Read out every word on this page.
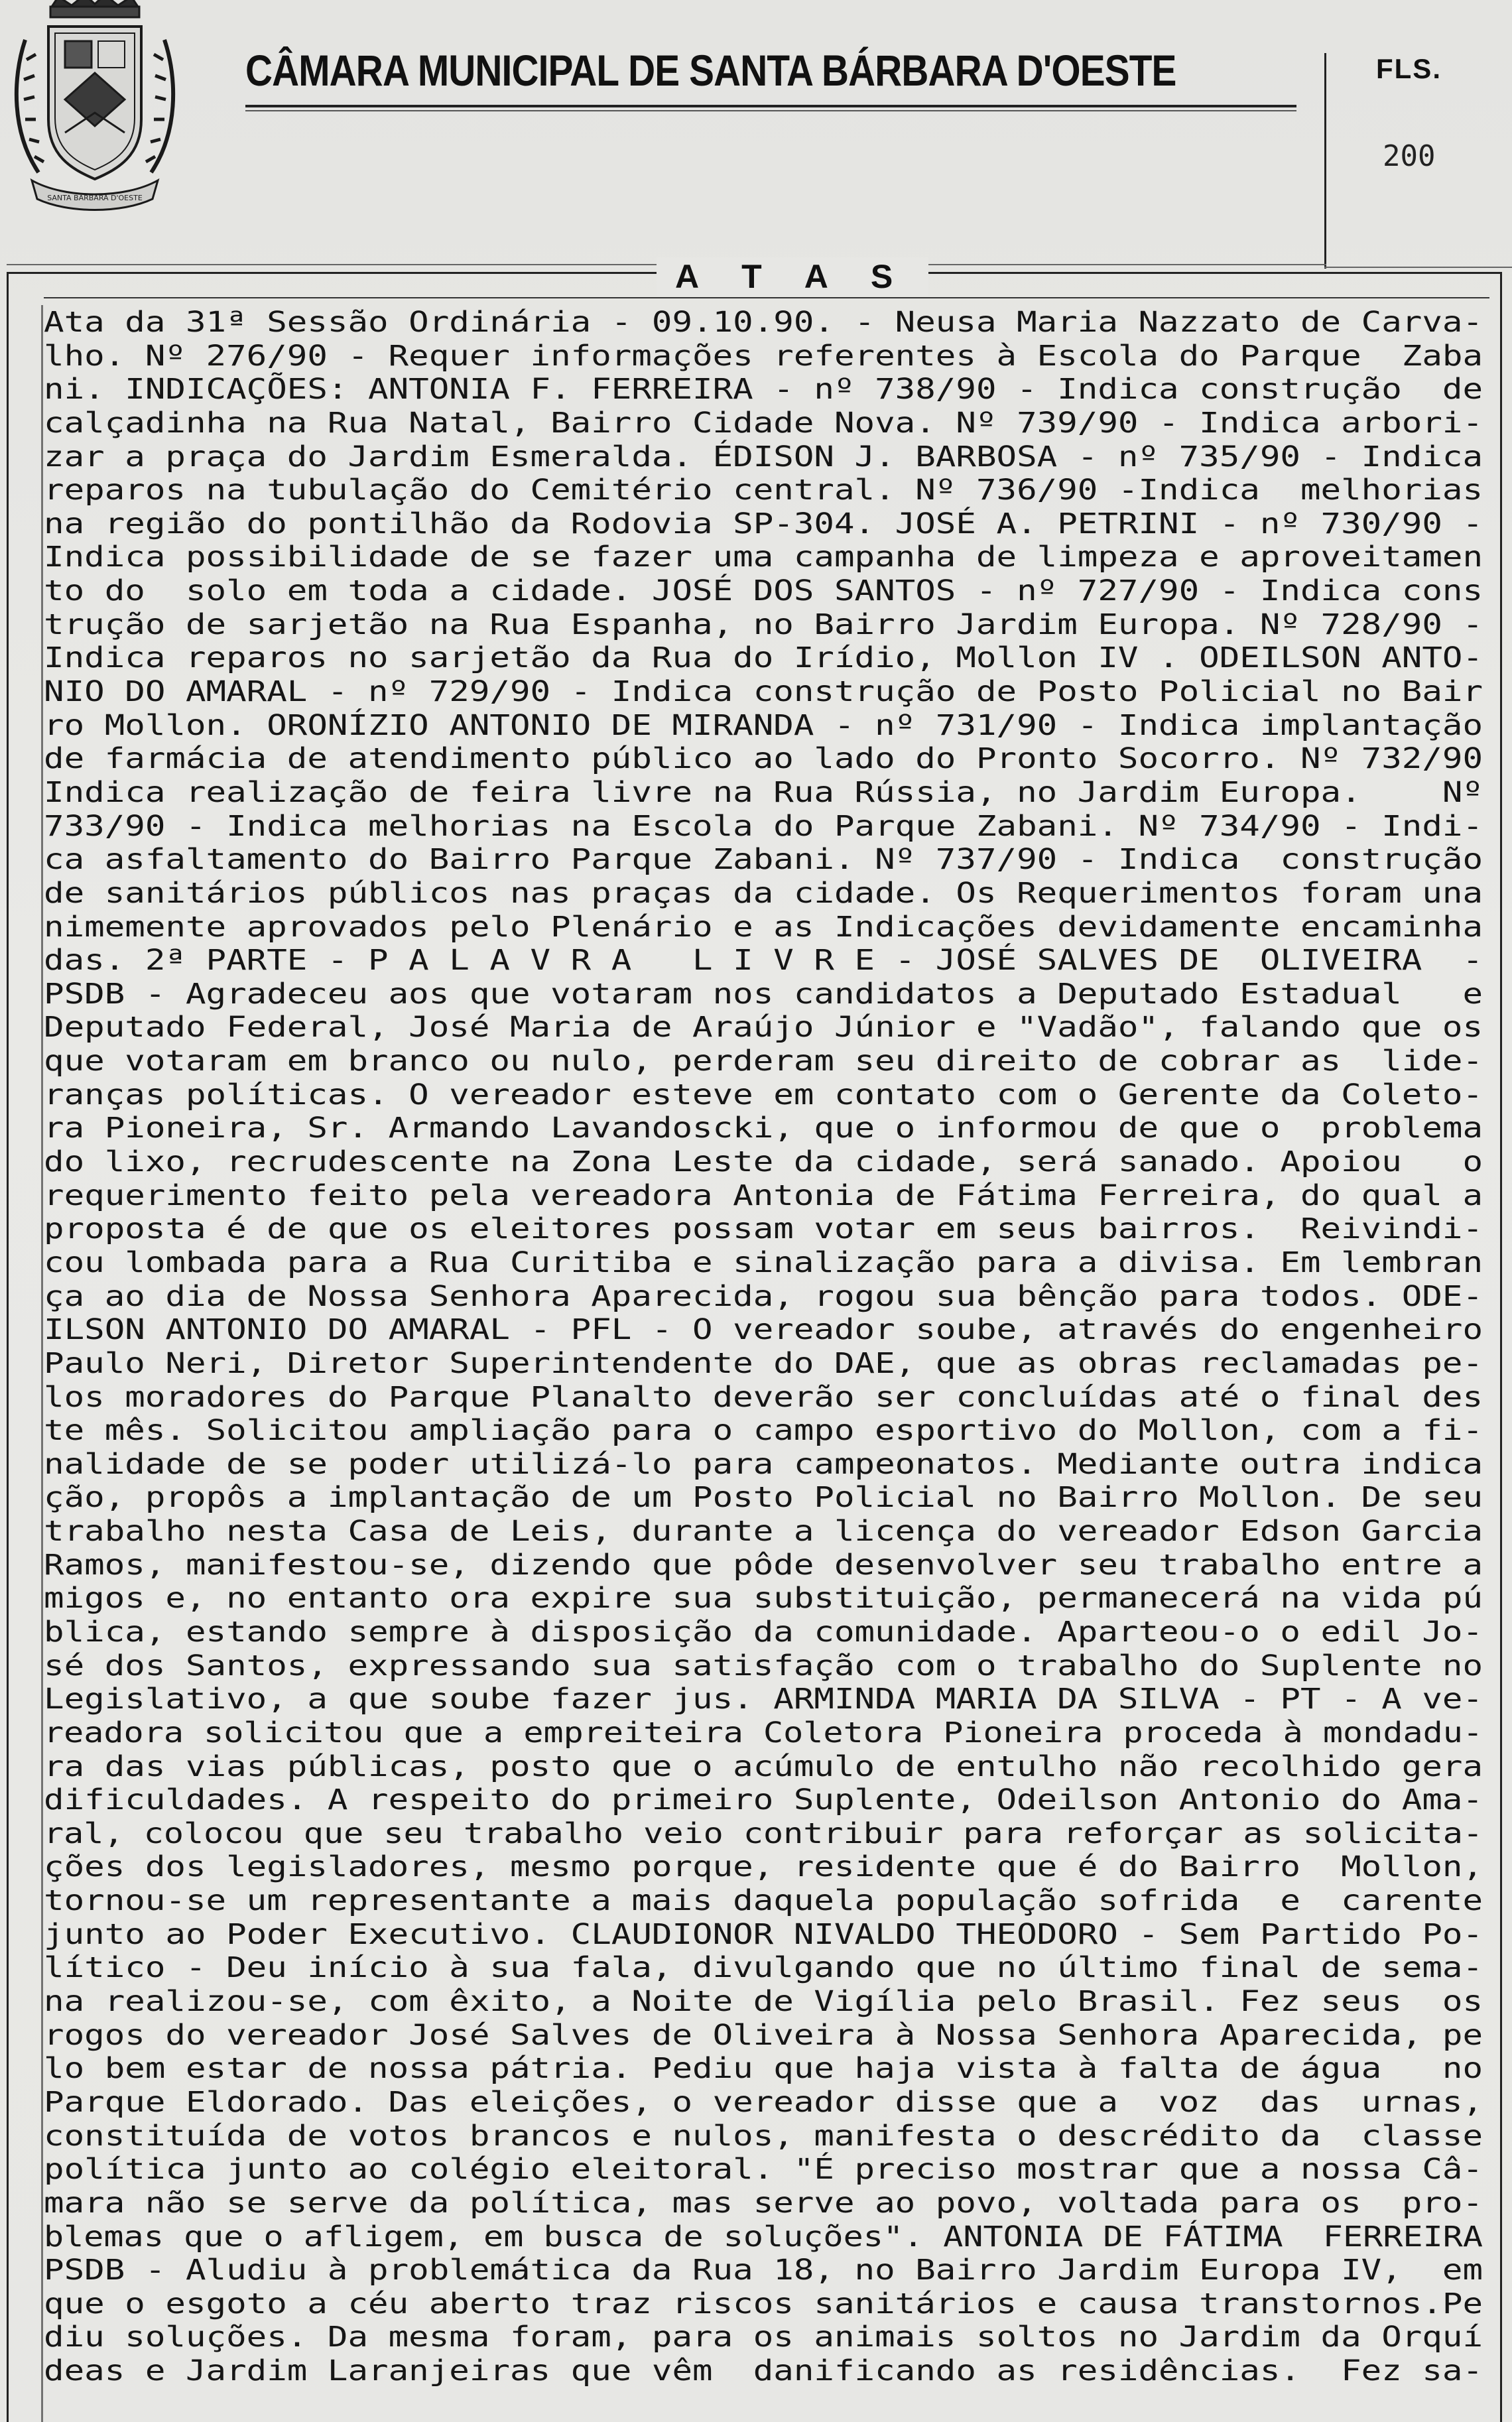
SANTA BÁRBARA D'OESTE
CÂMARA MUNICIPAL DE SANTA BÁRBARA D'OESTE	FLS.
200
A T A S
Ata da 31ª Sessão Ordinária - 09.10.90. - Neusa Maria Nazzato de Carva-
lho. Nº 276/90 - Requer informações referentes à Escola do Parque  Zaba
ni. INDICAÇÕES: ANTONIA F. FERREIRA - nº 738/90 - Indica construção  de
calçadinha na Rua Natal, Bairro Cidade Nova. Nº 739/90 - Indica arbori-
zar a praça do Jardim Esmeralda. ÉDISON J. BARBOSA - nº 735/90 - Indica
reparos na tubulação do Cemitério central. Nº 736/90 -Indica  melhorias
na região do pontilhão da Rodovia SP-304. JOSÉ A. PETRINI - nº 730/90 -
Indica possibilidade de se fazer uma campanha de limpeza e aproveitamen
to do  solo em toda a cidade. JOSÉ DOS SANTOS - nº 727/90 - Indica cons
trução de sarjetão na Rua Espanha, no Bairro Jardim Europa. Nº 728/90 -
Indica reparos no sarjetão da Rua do Irídio, Mollon IV . ODEILSON ANTO-
NIO DO AMARAL - nº 729/90 - Indica construção de Posto Policial no Bair
ro Mollon. ORONÍZIO ANTONIO DE MIRANDA - nº 731/90 - Indica implantação
de farmácia de atendimento público ao lado do Pronto Socorro. Nº 732/90
Indica realização de feira livre na Rua Rússia, no Jardim Europa.    Nº
733/90 - Indica melhorias na Escola do Parque Zabani. Nº 734/90 - Indi-
ca asfaltamento do Bairro Parque Zabani. Nº 737/90 - Indica  construção
de sanitários públicos nas praças da cidade. Os Requerimentos foram una
nimemente aprovados pelo Plenário e as Indicações devidamente encaminha
das. 2ª PARTE - P A L A V R A   L I V R E - JOSÉ SALVES DE  OLIVEIRA  -
PSDB - Agradeceu aos que votaram nos candidatos a Deputado Estadual   e
Deputado Federal, José Maria de Araújo Júnior e "Vadão", falando que os
que votaram em branco ou nulo, perderam seu direito de cobrar as  lide-
ranças políticas. O vereador esteve em contato com o Gerente da Coleto-
ra Pioneira, Sr. Armando Lavandoscki, que o informou de que o  problema
do lixo, recrudescente na Zona Leste da cidade, será sanado. Apoiou   o
requerimento feito pela vereadora Antonia de Fátima Ferreira, do qual a
proposta é de que os eleitores possam votar em seus bairros.  Reivindi-
cou lombada para a Rua Curitiba e sinalização para a divisa. Em lembran
ça ao dia de Nossa Senhora Aparecida, rogou sua bênção para todos. ODE-
ILSON ANTONIO DO AMARAL - PFL - O vereador soube, através do engenheiro
Paulo Neri, Diretor Superintendente do DAE, que as obras reclamadas pe-
los moradores do Parque Planalto deverão ser concluídas até o final des
te mês. Solicitou ampliação para o campo esportivo do Mollon, com a fi-
nalidade de se poder utilizá-lo para campeonatos. Mediante outra indica
ção, propôs a implantação de um Posto Policial no Bairro Mollon. De seu
trabalho nesta Casa de Leis, durante a licença do vereador Edson Garcia
Ramos, manifestou-se, dizendo que pôde desenvolver seu trabalho entre a
migos e, no entanto ora expire sua substituição, permanecerá na vida pú
blica, estando sempre à disposição da comunidade. Aparteou-o o edil Jo-
sé dos Santos, expressando sua satisfação com o trabalho do Suplente no
Legislativo, a que soube fazer jus. ARMINDA MARIA DA SILVA - PT - A ve-
readora solicitou que a empreiteira Coletora Pioneira proceda à mondadu-
ra das vias públicas, posto que o acúmulo de entulho não recolhido gera
dificuldades. A respeito do primeiro Suplente, Odeilson Antonio do Ama-
ral, colocou que seu trabalho veio contribuir para reforçar as solicita-
ções dos legisladores, mesmo porque, residente que é do Bairro  Mollon,
tornou-se um representante a mais daquela população sofrida  e  carente
junto ao Poder Executivo. CLAUDIONOR NIVALDO THEODORO - Sem Partido Po-
lítico - Deu início à sua fala, divulgando que no último final de sema-
na realizou-se, com êxito, a Noite de Vigília pelo Brasil. Fez seus  os
rogos do vereador José Salves de Oliveira à Nossa Senhora Aparecida, pe
lo bem estar de nossa pátria. Pediu que haja vista à falta de água   no
Parque Eldorado. Das eleições, o vereador disse que a  voz  das  urnas,
constituída de votos brancos e nulos, manifesta o descrédito da  classe
política junto ao colégio eleitoral. "É preciso mostrar que a nossa Câ-
mara não se serve da política, mas serve ao povo, voltada para os  pro-
blemas que o afligem, em busca de soluções". ANTONIA DE FÁTIMA  FERREIRA
PSDB - Aludiu à problemática da Rua 18, no Bairro Jardim Europa IV,  em
que o esgoto a céu aberto traz riscos sanitários e causa transtornos.Pe
diu soluções. Da mesma foram, para os animais soltos no Jardim da Orquí
deas e Jardim Laranjeiras que vêm  danificando as residências.  Fez sa-
